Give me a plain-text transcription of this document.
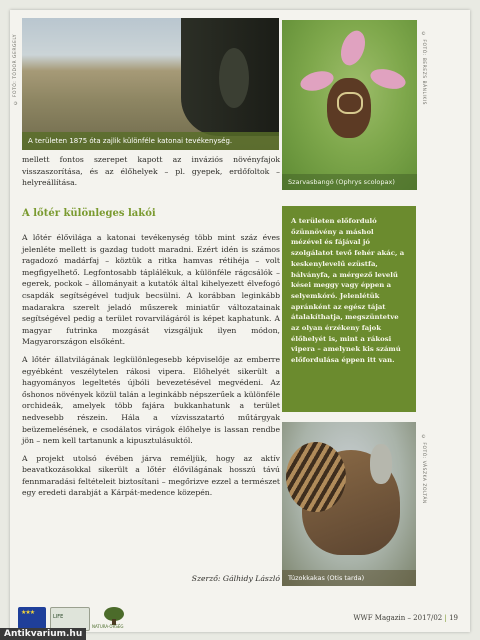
A területen 1875 óta zajlik különféle katonai tevékenység.
Szarvasbangó (Ophrys scolopax)
Túzokkakas (Otis tarda)
© FOTÓ: TÓDOR GERGELY	© FOTÓ: BEREZS BÁNLIKIS
© FOTÓ: VÁSZKA ZOLTÁN

mellett fontos szerepet kapott az inváziós növényfajok visszaszorítása, és az élőhelyek – pl. gyepek, erdőfoltok – helyreállítása.

A lőtér különleges lakói

A lőtér élővilága a katonai tevékenység több mint száz éves jelenléte mellett is gazdag tudott maradni. Ezért idén is számos ragadozó madárfaj – köztük a ritka hamvas rétihéja – volt megfigyelhető. Legfontosabb táplálékuk, a különféle rágcsálók – egerek, pockok – állományait a kutatók által kihelyezett élvefogó csapdák segítségével tudjuk becsülni. A korábban leginkább madarakra szerelt jeladó műszerek miniatűr változatainak segítségével pedig a terület rovarvilágáról is képet kaphatunk. A magyar futrinka mozgását vizsgáljuk ilyen módon, Magyarországon elsőként.

A lőtér állatvilágának legkülönlegesebb képviselője az emberre egyébként veszélytelen rákosi vipera. Előhelyét sikerült a hagyományos legeltetés újbóli bevezetésével megvédeni. Az őshonos növények közül talán a leginkább népszerűek a különféle orchideák, amelyek több fajára bukkanhatunk a terület nedvesebb részein. Hála a vízvisszatartó műtárgyak beüzemelésének, e csodálatos virágok élőhelye is lassan rendbe jön – nem kell tartanunk a kipusztulásuktól.

A projekt utolsó évében járva reméljük, hogy az aktív beavatkozásokkal sikerült a lőtér élővilágának hosszú távú fennmaradási feltételeit biztosítani – megőrizve ezzel a természet egy eredeti darabját a Kárpát-medence közepén.

Szerző: Gálhidy László
A területen előforduló őzünnövény a máshol mézével és fájával jó szolgálatot tevő fehér akác, a keskenylevelű ezüstfa, bálványfa, a mérgező levelű kései meggy vagy éppen a selyemkóró. Jelenlétük apránként az egész tájat átalakíthatja, megszüntetve az olyan érzékeny fajok élőhelyét is, mint a rákosi vipera – amelynek kis számú előfordulása éppen itt van.
★★★
LIFE
NATURA·ŐRSÉG
WWF Magazin – 2017/02 | 19
Antikvarium.hu
